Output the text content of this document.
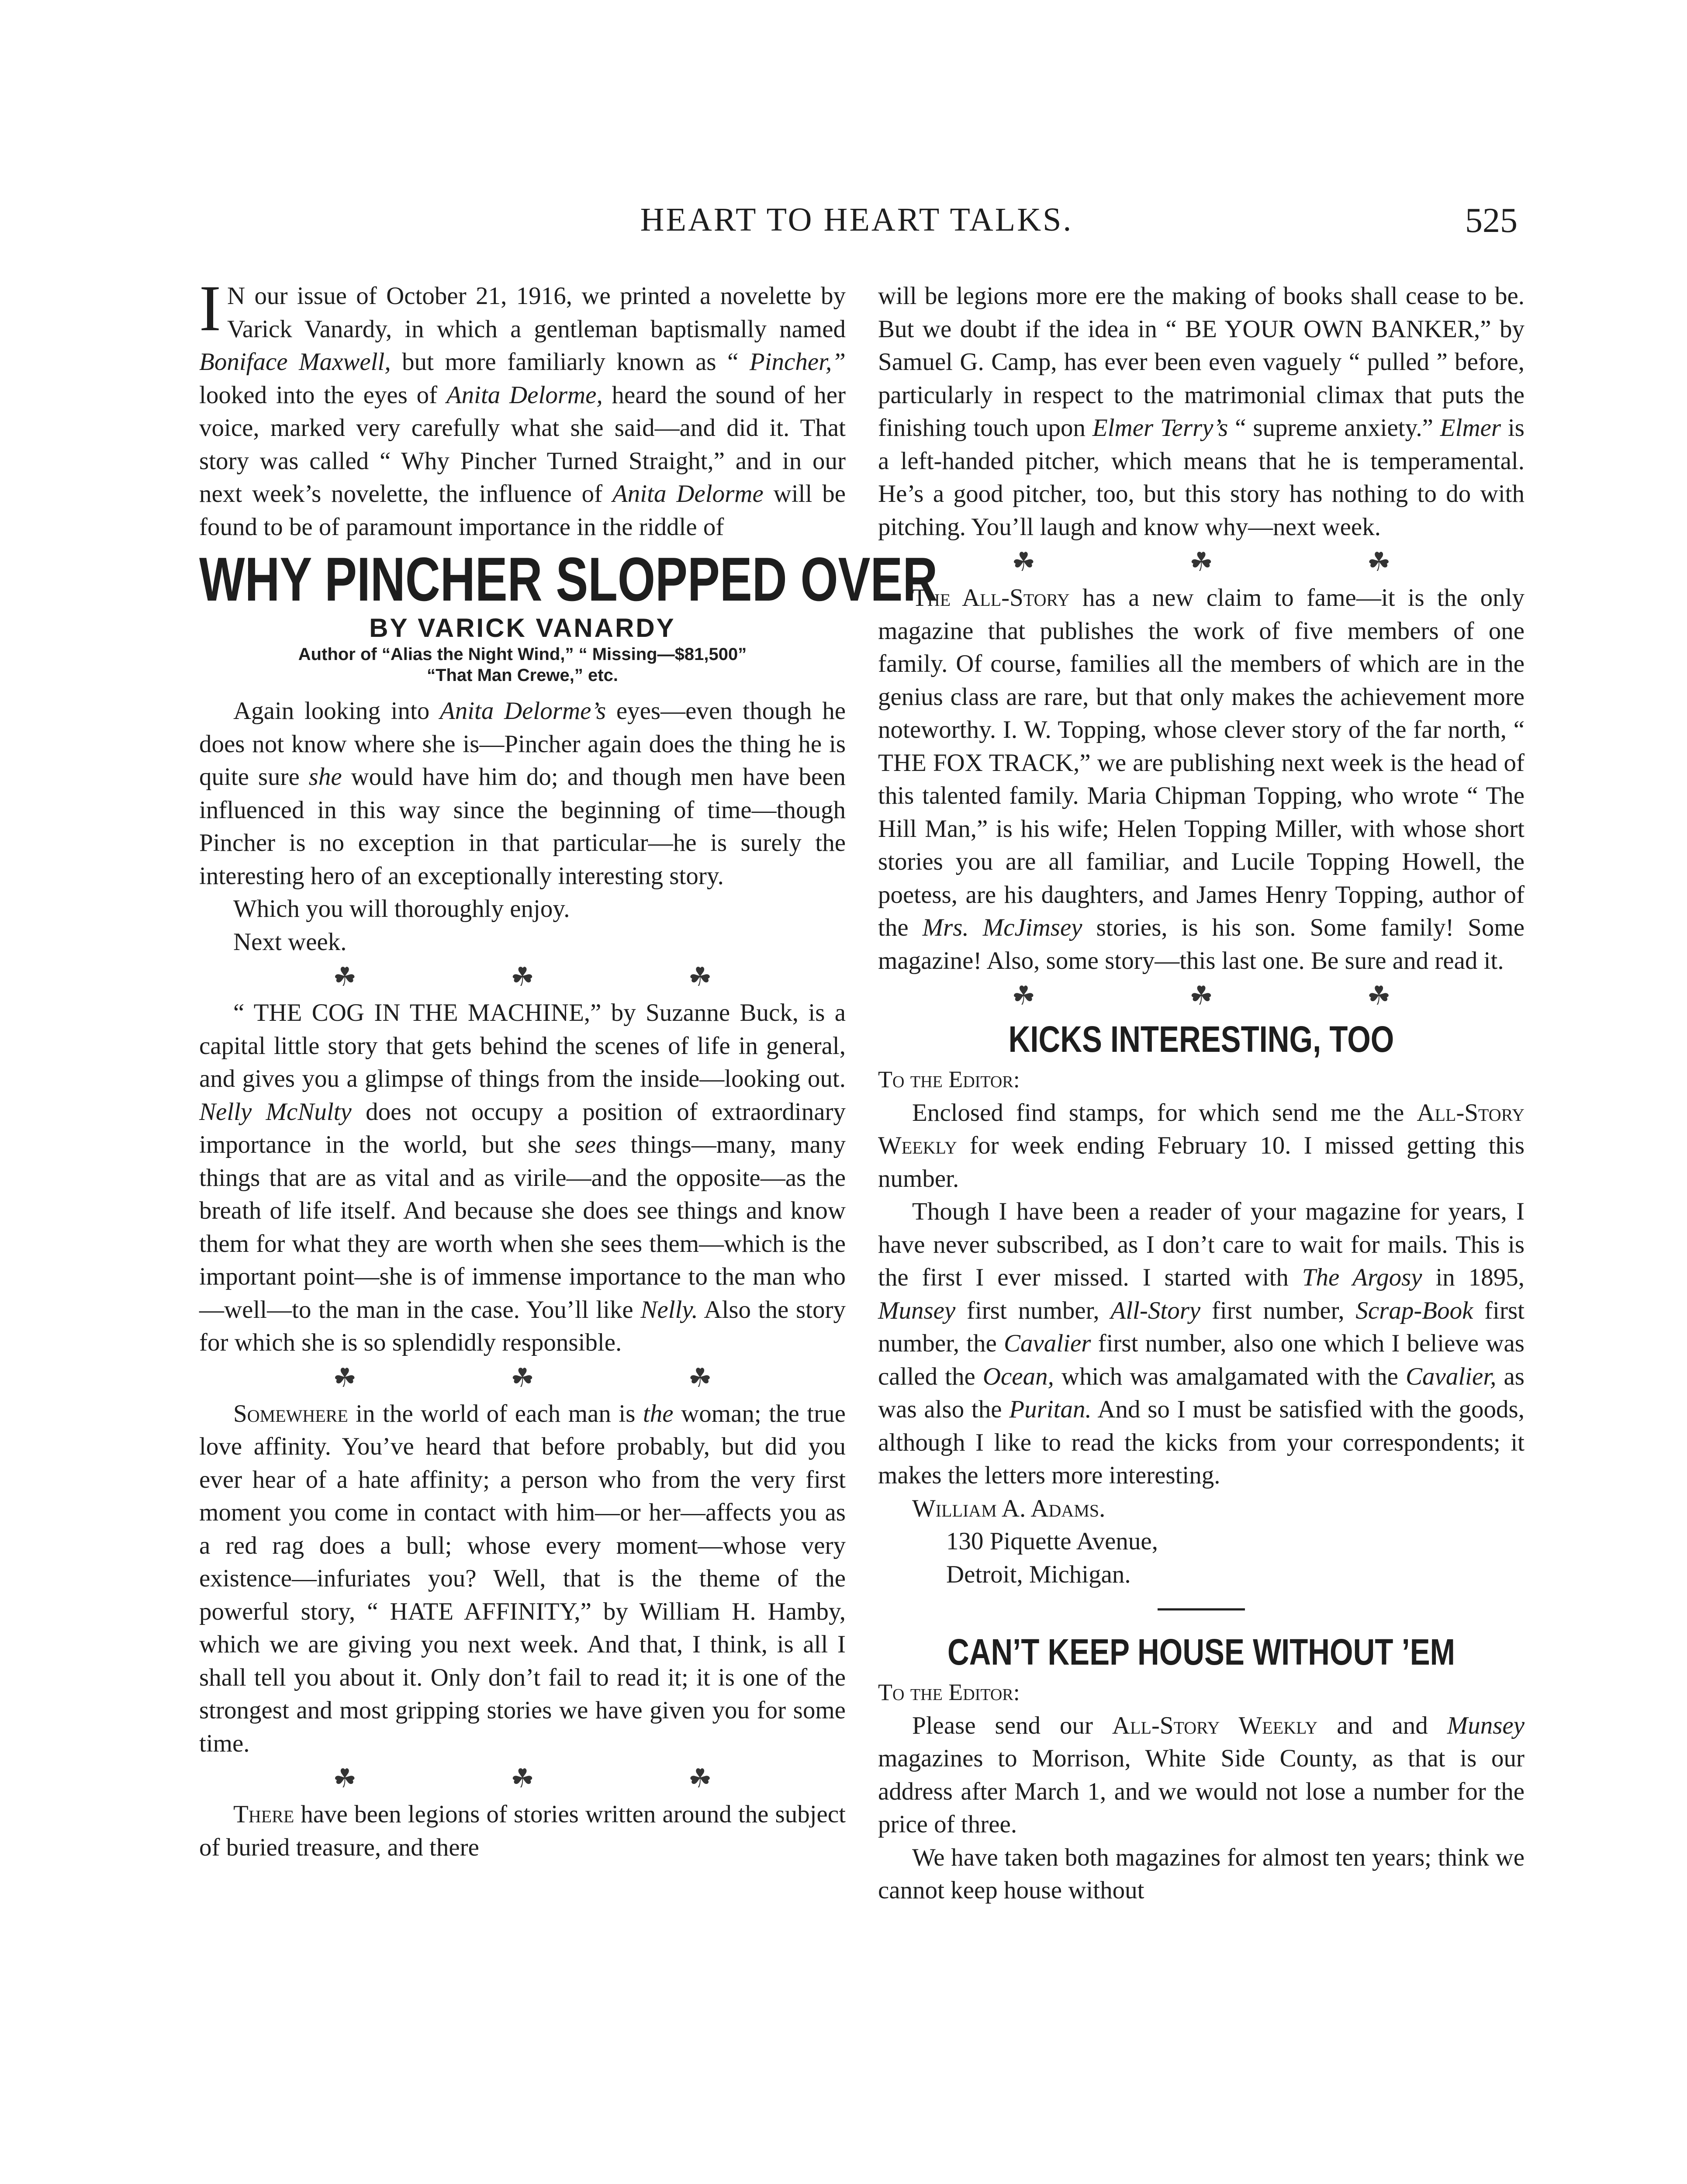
HEART TO HEART TALKS.	525

I N our issue of October 21, 1916, we printed a novelette by Varick Vanardy, in which a gentleman baptismally named Boniface Maxwell, but more familiarly known as “ Pincher,” looked into the eyes of Anita Delorme, heard the sound of her voice, marked very carefully what she said—and did it. That story was called “ Why Pincher Turned Straight,” and in our next week’s novelette, the influence of Anita Delorme will be found to be of paramount importance in the riddle of

WHY PINCHER SLOPPED OVER
BY VARICK VANARDY
Author of “Alias the Night Wind,” “ Missing—$81,500”
“That Man Crewe,” etc.

Again looking into Anita Delorme’s eyes—even though he does not know where she is—Pincher again does the thing he is quite sure she would have him do; and though men have been influenced in this way since the beginning of time—though Pincher is no exception in that particular—he is surely the interesting hero of an exceptionally interesting story.

Which you will thoroughly enjoy.

Next week.

☘	☘	☘

“ THE COG IN THE MACHINE,” by Suzanne Buck, is a capital little story that gets behind the scenes of life in general, and gives you a glimpse of things from the inside—looking out. Nelly McNulty does not occupy a position of extraordinary importance in the world, but she sees things—many, many things that are as vital and as virile—and the opposite—as the breath of life itself. And because she does see things and know them for what they are worth when she sees them—which is the important point—she is of immense importance to the man who—well—to the man in the case. You’ll like Nelly. Also the story for which she is so splendidly responsible.

☘	☘	☘

Somewhere in the world of each man is the woman; the true love affinity. You’ve heard that before probably, but did you ever hear of a hate affinity; a person who from the very first moment you come in contact with him—or her—affects you as a red rag does a bull; whose every moment—whose very existence—infuriates you? Well, that is the theme of the powerful story, “ HATE AFFINITY,” by William H. Hamby, which we are giving you next week. And that, I think, is all I shall tell you about it. Only don’t fail to read it; it is one of the strongest and most gripping stories we have given you for some time.

☘	☘	☘

There have been legions of stories written around the subject of buried treasure, and there

will be legions more ere the making of books shall cease to be. But we doubt if the idea in “ BE YOUR OWN BANKER,” by Samuel G. Camp, has ever been even vaguely “ pulled ” before, particularly in respect to the matrimonial climax that puts the finishing touch upon Elmer Terry’s “ supreme anxiety.” Elmer is a left-handed pitcher, which means that he is temperamental. He’s a good pitcher, too, but this story has nothing to do with pitching. You’ll laugh and know why—next week.

☘	☘	☘

The All-Story has a new claim to fame—it is the only magazine that publishes the work of five members of one family. Of course, families all the members of which are in the genius class are rare, but that only makes the achievement more noteworthy. I. W. Topping, whose clever story of the far north, “ THE FOX TRACK,” we are publishing next week is the head of this talented family. Maria Chipman Topping, who wrote “ The Hill Man,” is his wife; Helen Topping Miller, with whose short stories you are all familiar, and Lucile Topping Howell, the poetess, are his daughters, and James Henry Topping, author of the Mrs. McJimsey stories, is his son. Some family! Some magazine! Also, some story—this last one. Be sure and read it.

☘	☘	☘
KICKS INTERESTING, TOO

To the Editor:

Enclosed find stamps, for which send me the All-Story Weekly for week ending February 10. I missed getting this number.

Though I have been a reader of your magazine for years, I have never subscribed, as I don’t care to wait for mails. This is the first I ever missed. I started with The Argosy in 1895, Munsey first number, All-Story first number, Scrap-Book first number, the Cavalier first number, also one which I believe was called the Ocean, which was amalgamated with the Cavalier, as was also the Puritan. And so I must be satisfied with the goods, although I like to read the kicks from your correspondents; it makes the letters more interesting.

William A. Adams.

130 Piquette Avenue,

Detroit, Michigan.

CAN’T KEEP HOUSE WITHOUT ’EM

To the Editor:

Please send our All-Story Weekly and and Munsey magazines to Morrison, White Side County, as that is our address after March 1, and we would not lose a number for the price of three.

We have taken both magazines for almost ten years; think we cannot keep house without
